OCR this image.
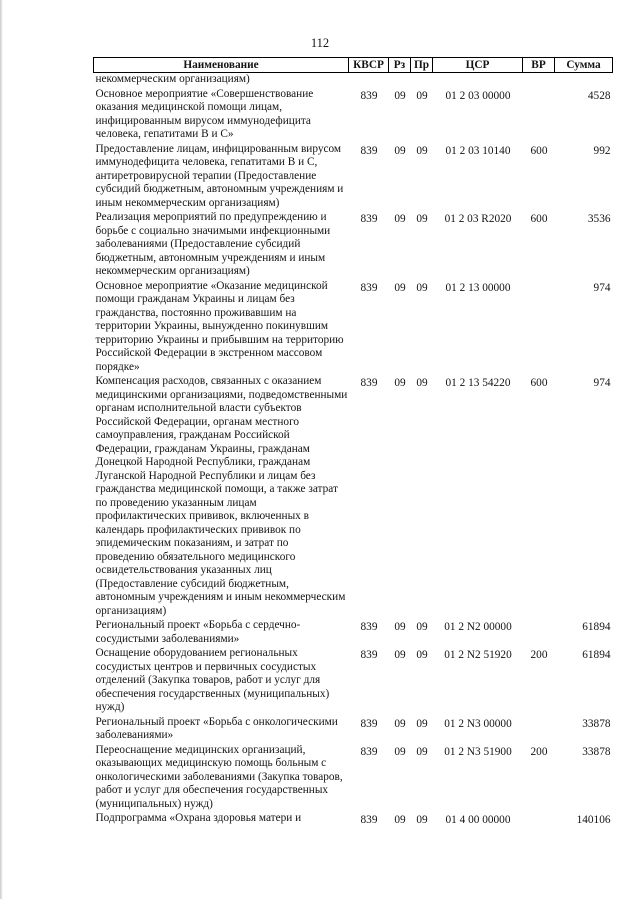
112
Наименование	КВСР	Рз	Пр	ЦСР	ВР	Сумма
некоммерческим организациям)						
Основное мероприятие «Совершенствование оказания медицинской помощи лицам, инфицированным вирусом иммунодефицита человека, гепатитами В и С»	839	09	09	01 2 03 00000		4528
Предоставление лицам, инфицированным вирусом иммунодефицита человека, гепатитами В и С, антиретровирусной терапии (Предоставление субсидий бюджетным, автономным учреждениям и иным некоммерческим организациям)	839	09	09	01 2 03 10140	600	992
Реализация мероприятий по предупреждению и борьбе с социально значимыми инфекционными заболеваниями (Предоставление субсидий бюджетным, автономным учреждениям и иным некоммерческим организациям)	839	09	09	01 2 03 R2020	600	3536
Основное мероприятие «Оказание медицинской помощи гражданам Украины и лицам без гражданства, постоянно проживавшим на территории Украины, вынужденно покинувшим территорию Украины и прибывшим на территорию Российской Федерации в экстренном массовом порядке»	839	09	09	01 2 13 00000		974
Компенсация расходов, связанных с оказанием медицинскими организациями, подведомственными органам исполнительной власти субъектов Российской Федерации, органам местного самоуправления, гражданам Российской Федерации, гражданам Украины, гражданам Донецкой Народной Республики, гражданам Луганской Народной Республики и лицам без гражданства медицинской помощи, а также затрат по проведению указанным лицам профилактических прививок, включенных в календарь профилактических прививок по эпидемическим показаниям, и затрат по проведению обязательного медицинского освидетельствования указанных лиц (Предоставление субсидий бюджетным, автономным учреждениям и иным некоммерческим организациям)	839	09	09	01 2 13 54220	600	974
Региональный проект «Борьба с сердечно-сосудистыми заболеваниями»	839	09	09	01 2 N2 00000		61894
Оснащение оборудованием региональных сосудистых центров и первичных сосудистых отделений (Закупка товаров, работ и услуг для обеспечения государственных (муниципальных) нужд)	839	09	09	01 2 N2 51920	200	61894
Региональный проект «Борьба с онкологическими заболеваниями»	839	09	09	01 2 N3 00000		33878
Переоснащение медицинских организаций, оказывающих медицинскую помощь больным с онкологическими заболеваниями (Закупка товаров, работ и услуг для обеспечения государственных (муниципальных) нужд)	839	09	09	01 2 N3 51900	200	33878
Подпрограмма «Охрана здоровья матери и	839	09	09	01 4 00 00000		140106
